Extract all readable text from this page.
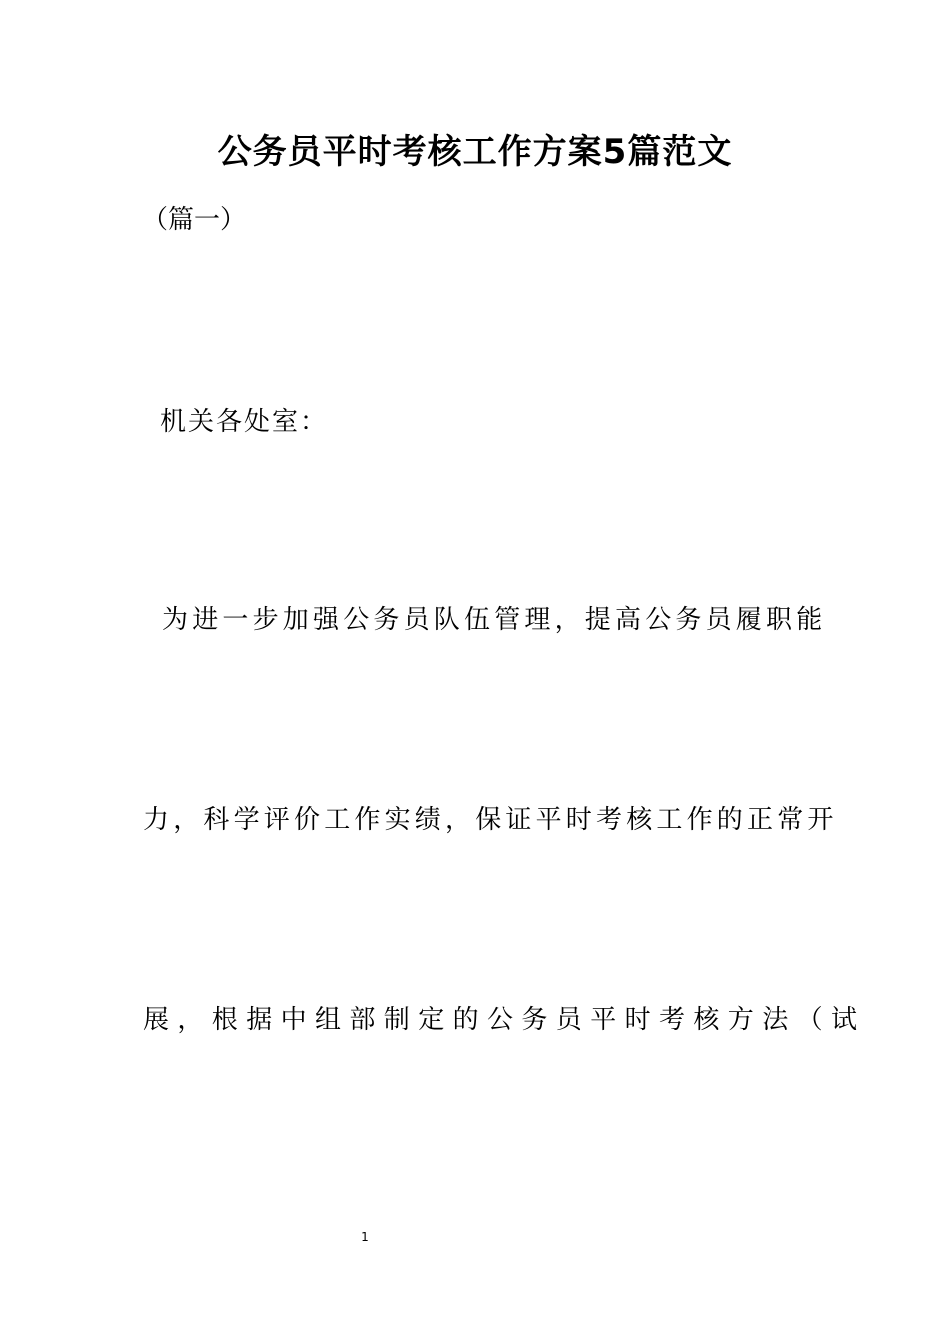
公务员平时考核工作方案5篇范文

（篇一）

机关各处室：

为进一步加强公务员队伍管理，提高公务员履职能

力，科学评价工作实绩，保证平时考核工作的正常开

展，根据中组部制定的公务员平时考核方法（试

1
